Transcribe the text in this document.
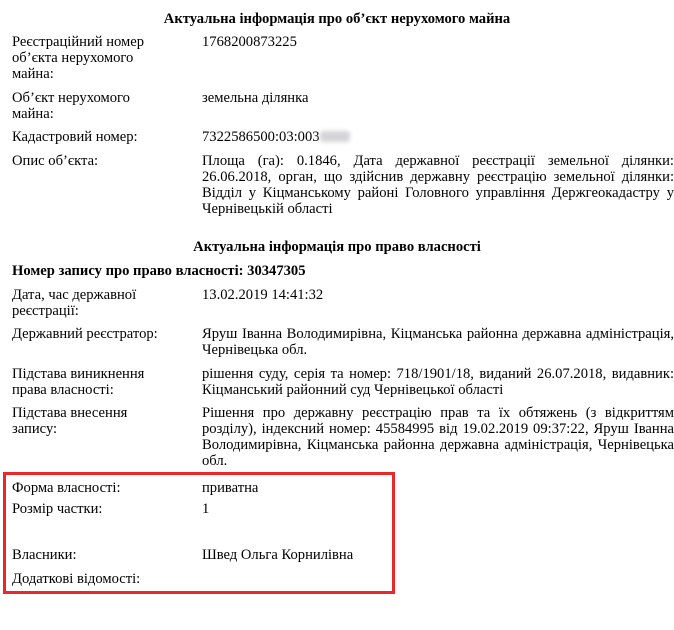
Актуальна інформація про об’єкт нерухомого майна
Реєстраційний номер об’єкта нерухомого майна:
1768200873225
Об’єкт нерухомого майна:
земельна ділянка
Кадастровий номер:	7322586500:03:003
Опис об’єкта:	Площа (га): 0.1846, Дата державної реєстрації земельної ділянки: 26.06.2018, орган, що здійснив державну реєстрацію земельної ділянки: Відділ у Кіцманському районі Головного управління Держгеокадастру у Чернівецькій області
Актуальна інформація про право власності
Номер запису про право власності: 30347305
Дата, час державної реєстрації:
13.02.2019 14:41:32
Державний реєстратор:	Яруш Іванна Володимирівна, Кіцманська районна державна адміністрація, Чернівецька обл.
Підстава виникнення права власності:
рішення суду, серія та номер: 718/1901/18, виданий 26.07.2018, видавник: Кіцманський районний суд Чернівецької області
Підстава внесення запису:
Рішення про державну реєстрацію прав та їх обтяжень (з відкриттям розділу), індексний номер: 45584995 від 19.02.2019 09:37:22, Яруш Іванна Володимирівна, Кіцманська районна державна адміністрація, Чернівецька обл.
Форма власності:	приватна
Розмір частки:	1
Власники:	Швед Ольга Корнилівна
Додаткові відомості:
